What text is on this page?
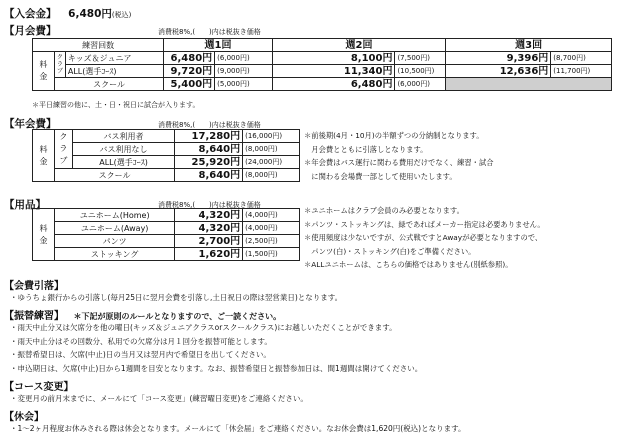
【入会金】 6,480円(税込)
【月会費】	消費税8%,(　　)内は税抜き価格
練習回数			週1回		週2回		週3回	
料
金	ク
ラ
ブ	キッズ＆ジュニア	6,480円	(6,000円)	8,100円	(7,500円)	9,396円	(8,700円)
		ALL(選手ｺｰｽ)	9,720円	(9,000円)	11,340円	(10,500円)	12,636円	(11,700円)
	スクール		5,400円	(5,000円)	6,480円	(6,000円)		
＊平日練習の他に、土・日・祝日に試合が入ります。
【年会費】	消費税8%,(　　)内は税抜き価格
料
金	ク
ラ
ブ	バス利用者	17,280円	(16,000円)
		バス利用なし	8,640円	(8,000円)
		ALL(選手ｺｰｽ)	25,920円	(24,000円)
	スクール		8,640円	(8,000円)
＊前後期(4月・10月)の半額ずつの分納制となります。
　月会費とともに引落しとなります。
＊年会費はバス運行に関わる費用だけでなく、練習・試合
　に関わる会場費一部として使用いたします。
【用品】	消費税8%,(　　)内は税抜き価格
料
金	ユニホーム(Home)	4,320円	(4,000円)
	ユニホーム(Away)	4,320円	(4,000円)
	パンツ	2,700円	(2,500円)
	ストッキング	1,620円	(1,500円)
＊ユニホームはクラブ会員のみ必要となります。
＊パンツ・ストッキングは、緑であればメーカー指定は必要ありません。
＊使用頻度は少ないですが、公式戦ですとAwayが必要となりますので、
　パンツ(白)・ストッキング(白)をご準備ください。
＊ALLユニホームは、こちらの価格ではありません(別紙参照)。
【会費引落】
・ゆうちょ銀行からの引落し(毎月25日に翌月会費を引落し,土日祝日の際は翌営業日)となります。
【振替練習】 ＊下記が原則のルールとなりますので、ご一読ください。
・雨天中止分又は欠席分を他の曜日(キッズ＆ジュニアクラスorスクールクラス)にお越しいただくことができます。
・雨天中止分はその回数分、私用での欠席分は月１回分を振替可能とします。
・振替希望日は、欠席(中止)日の当月又は翌月内で希望日を出してください。
・申込期日は、欠席(中止)日から1週間を目安となります。なお、振替希望日と振替参加日は、間1週間は開けてください。
【コース変更】
・変更月の前月末までに、メールにて「コース変更」(練習曜日変更)をご連絡ください。
【休会】
・1～2ヶ月程度お休みされる際は休会となります。メールにて「休会届」をご連絡ください。なお休会費は1,620円(税込)となります。
